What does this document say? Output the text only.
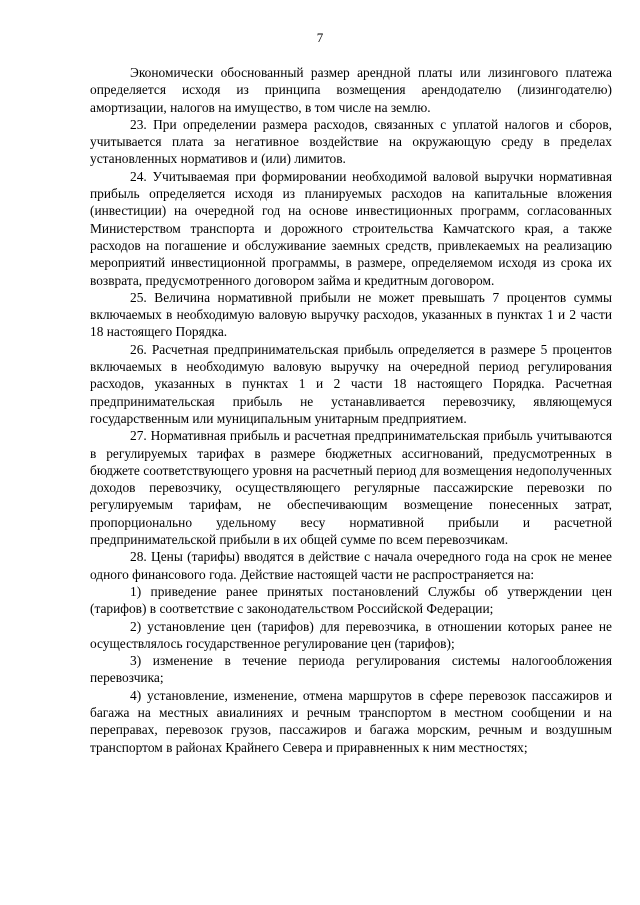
7

Экономически обоснованный размер арендной платы или лизингового платежа определяется исходя из принципа возмещения арендодателю (лизингодателю) амортизации, налогов на имущество, в том числе на землю.

23. При определении размера расходов, связанных с уплатой налогов и сборов, учитывается плата за негативное воздействие на окружающую среду в пределах установленных нормативов и (или) лимитов.

24. Учитываемая при формировании необходимой валовой выручки нормативная прибыль определяется исходя из планируемых расходов на капитальные вложения (инвестиции) на очередной год на основе инвестиционных программ, согласованных Министерством транспорта и дорожного строительства Камчатского края, а также расходов на погашение и обслуживание заемных средств, привлекаемых на реализацию мероприятий инвестиционной программы, в размере, определяемом исходя из срока их возврата, предусмотренного договором займа и кредитным договором.

25. Величина нормативной прибыли не может превышать 7 процентов суммы включаемых в необходимую валовую выручку расходов, указанных в пунктах 1 и 2 части 18 настоящего Порядка.

26. Расчетная предпринимательская прибыль определяется в размере 5 процентов включаемых в необходимую валовую выручку на очередной период регулирования расходов, указанных в пунктах 1 и 2 части 18 настоящего Порядка. Расчетная предпринимательская прибыль не устанавливается перевозчику, являющемуся государственным или муниципальным унитарным предприятием.

27. Нормативная прибыль и расчетная предпринимательская прибыль учитываются в регулируемых тарифах в размере бюджетных ассигнований, предусмотренных в бюджете соответствующего уровня на расчетный период для возмещения недополученных доходов перевозчику, осуществляющего регулярные пассажирские перевозки по регулируемым тарифам, не обеспечивающим возмещение понесенных затрат, пропорционально удельному весу нормативной прибыли и расчетной предпринимательской прибыли в их общей сумме по всем перевозчикам.

28. Цены (тарифы) вводятся в действие с начала очередного года на срок не менее одного финансового года. Действие настоящей части не распространяется на:

1) приведение ранее принятых постановлений Службы об утверждении цен (тарифов) в соответствие с законодательством Российской Федерации;

2) установление цен (тарифов) для перевозчика, в отношении которых ранее не осуществлялось государственное регулирование цен (тарифов);

3) изменение в течение периода регулирования системы налогообложения перевозчика;

4) установление, изменение, отмена маршрутов в сфере перевозок пассажиров и багажа на местных авиалиниях и речным транспортом в местном сообщении и на переправах, перевозок грузов, пассажиров и багажа морским, речным и воздушным транспортом в районах Крайнего Севера и приравненных к ним местностях;
